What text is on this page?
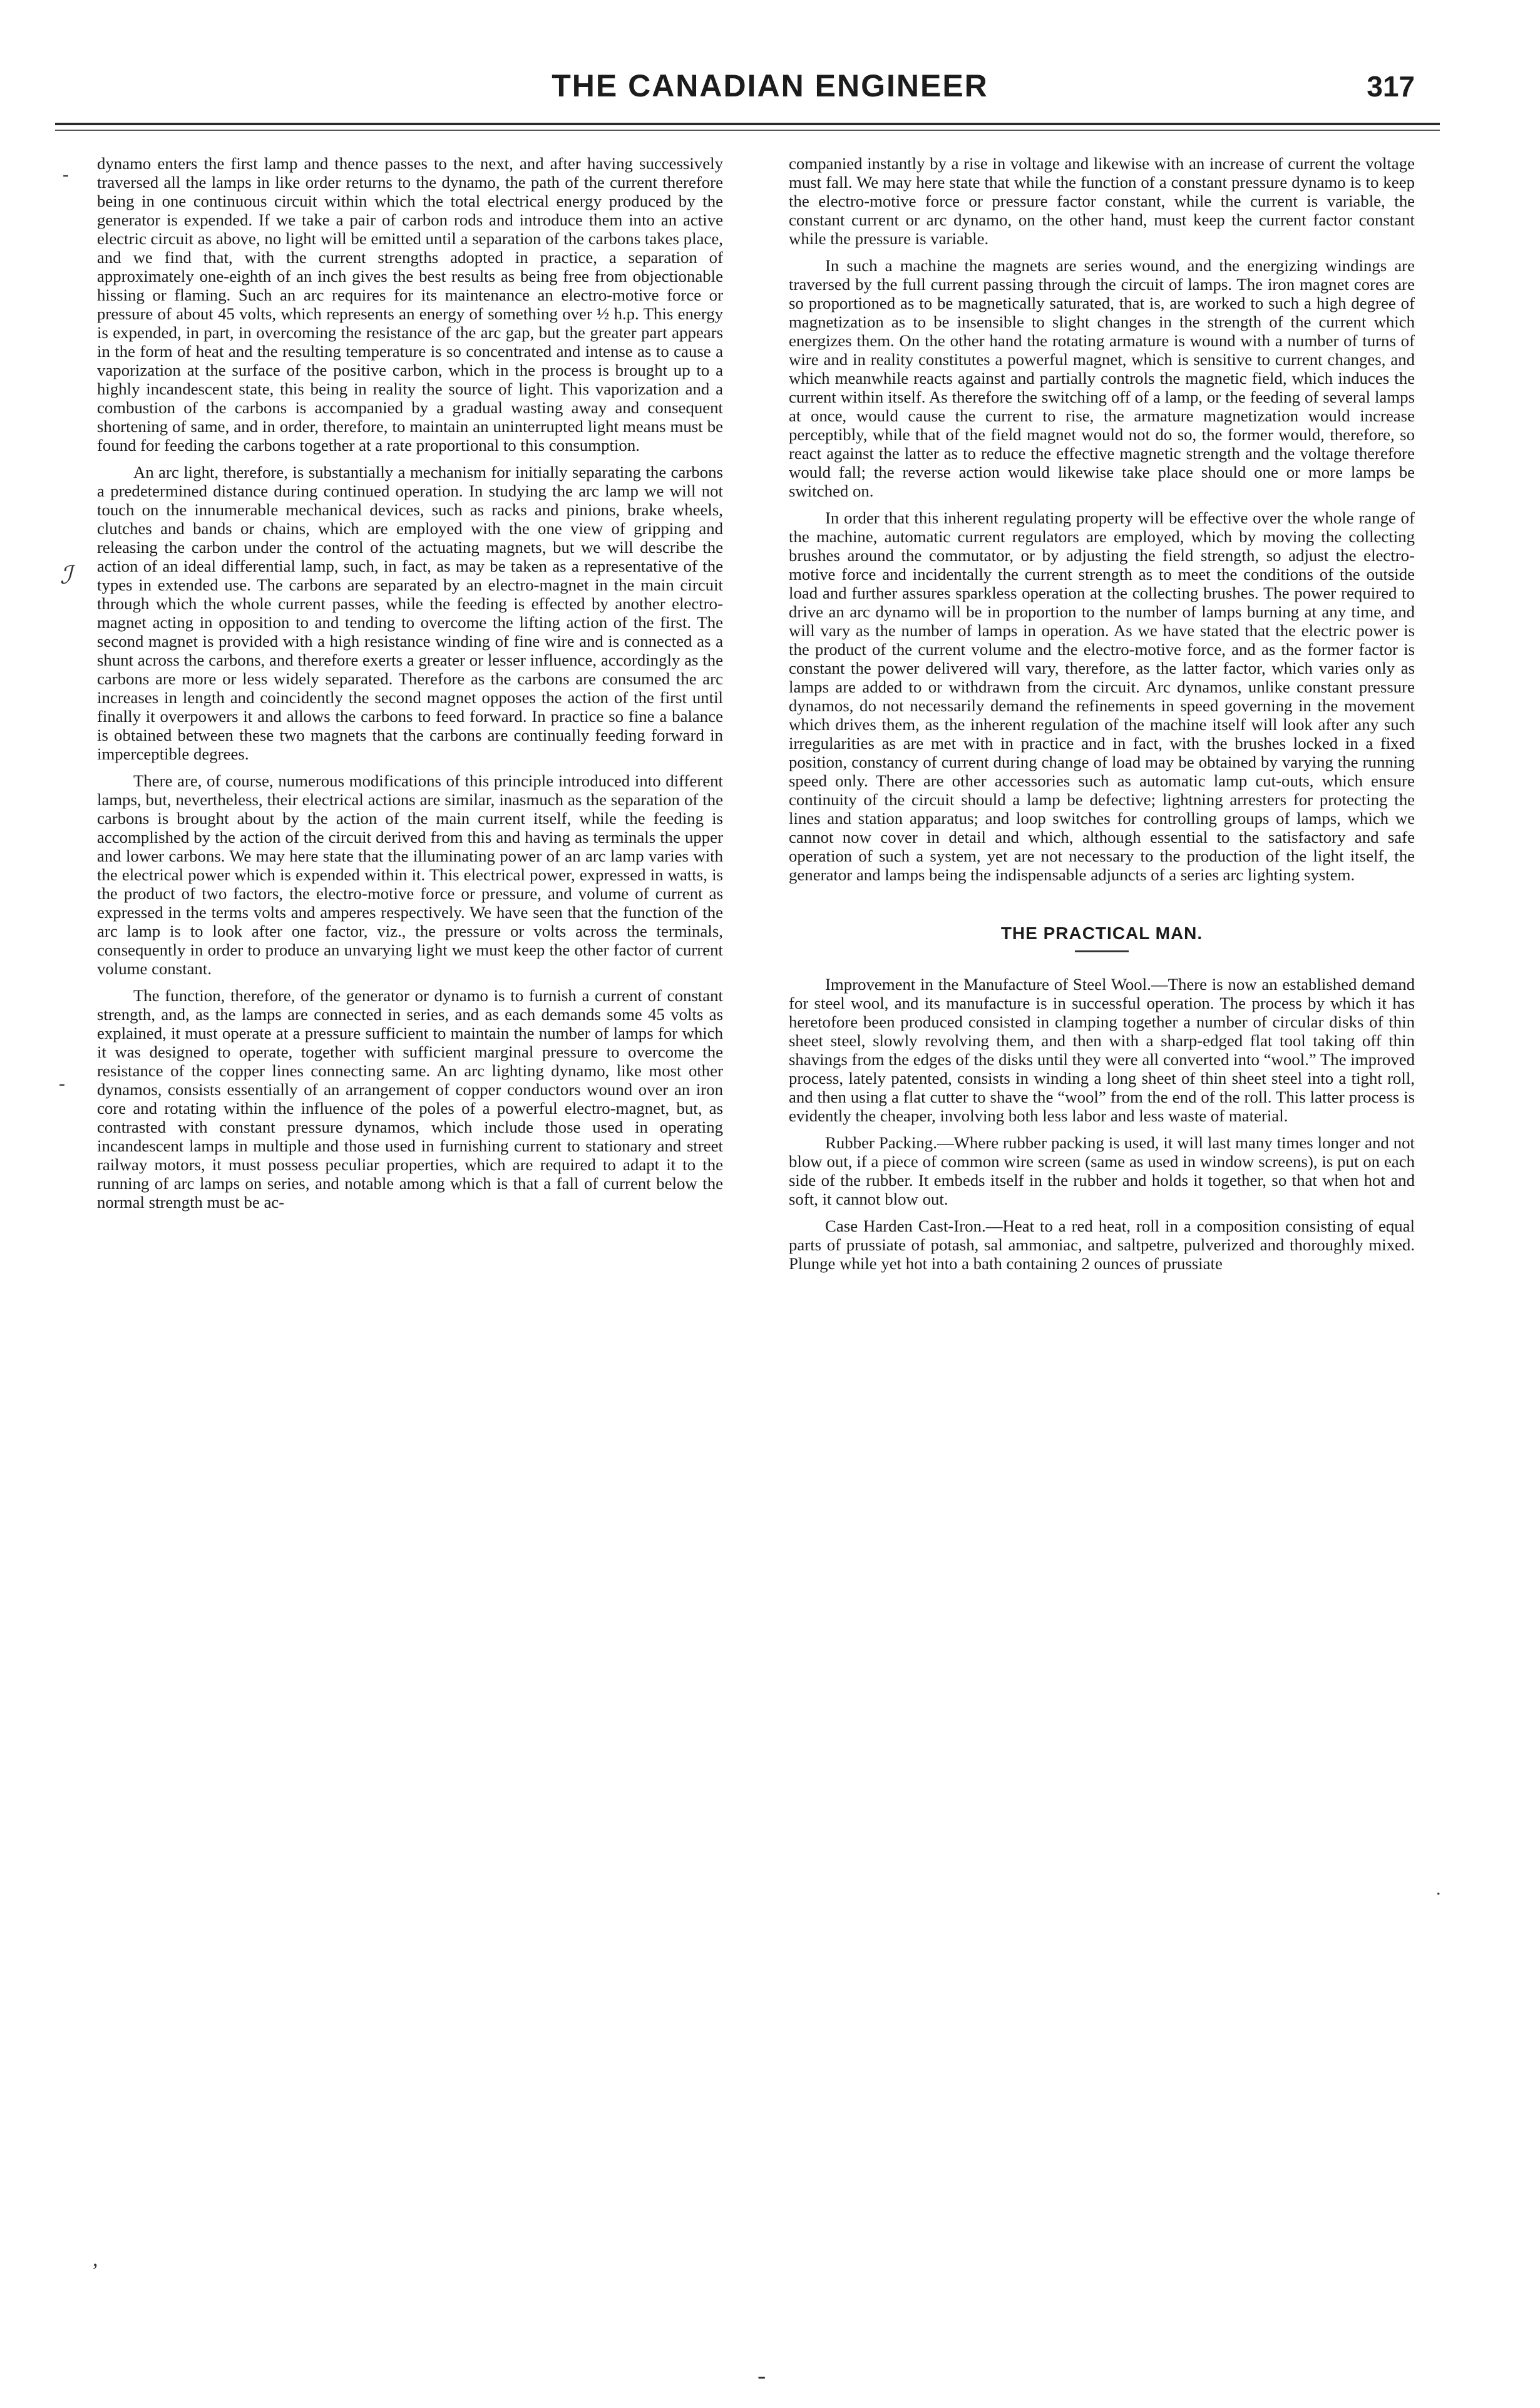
THE CANADIAN ENGINEER	317
-
ℐ
-
,
-
.

dynamo enters the first lamp and thence passes to the next, and after having successively traversed all the lamps in like order returns to the dynamo, the path of the current therefore being in one continuous circuit within which the total electrical energy produced by the generator is expended. If we take a pair of carbon rods and introduce them into an active electric circuit as above, no light will be emitted until a separation of the carbons takes place, and we find that, with the current strengths adopted in practice, a separation of approximately one-eighth of an inch gives the best results as being free from objectionable hissing or flaming. Such an arc requires for its maintenance an electro-motive force or pressure of about 45 volts, which represents an energy of something over ½ h.p. This energy is expended, in part, in overcoming the resistance of the arc gap, but the greater part appears in the form of heat and the resulting temperature is so concentrated and intense as to cause a vaporization at the surface of the positive carbon, which in the process is brought up to a highly incandescent state, this being in reality the source of light. This vaporization and a combustion of the carbons is accompanied by a gradual wasting away and consequent shortening of same, and in order, therefore, to maintain an uninterrupted light means must be found for feeding the carbons together at a rate proportional to this consumption.

An arc light, therefore, is substantially a mechanism for initially separating the carbons a predetermined distance during continued operation. In studying the arc lamp we will not touch on the innumerable mechanical devices, such as racks and pinions, brake wheels, clutches and bands or chains, which are employed with the one view of gripping and releasing the carbon under the control of the actuating magnets, but we will describe the action of an ideal differential lamp, such, in fact, as may be taken as a representative of the types in extended use. The carbons are separated by an electro-magnet in the main circuit through which the whole current passes, while the feeding is effected by another electro-magnet acting in opposition to and tending to overcome the lifting action of the first. The second magnet is provided with a high resistance winding of fine wire and is connected as a shunt across the carbons, and therefore exerts a greater or lesser influence, accordingly as the carbons are more or less widely separated. Therefore as the carbons are consumed the arc increases in length and coincidently the second magnet opposes the action of the first until finally it overpowers it and allows the carbons to feed forward. In practice so fine a balance is obtained between these two magnets that the carbons are continually feeding forward in imperceptible degrees.

There are, of course, numerous modifications of this principle introduced into different lamps, but, nevertheless, their electrical actions are similar, inasmuch as the separation of the carbons is brought about by the action of the main current itself, while the feeding is accomplished by the action of the circuit derived from this and having as terminals the upper and lower carbons. We may here state that the illuminating power of an arc lamp varies with the electrical power which is expended within it. This electrical power, expressed in watts, is the product of two factors, the electro-motive force or pressure, and volume of current as expressed in the terms volts and amperes respectively. We have seen that the function of the arc lamp is to look after one factor, viz., the pressure or volts across the terminals, consequently in order to produce an unvarying light we must keep the other factor of current volume constant.

The function, therefore, of the generator or dynamo is to furnish a current of constant strength, and, as the lamps are connected in series, and as each demands some 45 volts as explained, it must operate at a pressure sufficient to maintain the number of lamps for which it was designed to operate, together with sufficient marginal pressure to overcome the resistance of the copper lines connecting same. An arc lighting dynamo, like most other dynamos, consists essentially of an arrangement of copper conductors wound over an iron core and rotating within the influence of the poles of a powerful electro-magnet, but, as contrasted with constant pressure dynamos, which include those used in operating incandescent lamps in multiple and those used in furnishing current to stationary and street railway motors, it must possess peculiar properties, which are required to adapt it to the running of arc lamps on series, and notable among which is that a fall of current below the normal strength must be ac-

companied instantly by a rise in voltage and likewise with an increase of current the voltage must fall. We may here state that while the function of a constant pressure dynamo is to keep the electro-motive force or pressure factor constant, while the current is variable, the constant current or arc dynamo, on the other hand, must keep the current factor constant while the pressure is variable.

In such a machine the magnets are series wound, and the energizing windings are traversed by the full current passing through the circuit of lamps. The iron magnet cores are so proportioned as to be magnetically saturated, that is, are worked to such a high degree of magnetization as to be insensible to slight changes in the strength of the current which energizes them. On the other hand the rotating armature is wound with a number of turns of wire and in reality constitutes a powerful magnet, which is sensitive to current changes, and which meanwhile reacts against and partially controls the magnetic field, which induces the current within itself. As therefore the switching off of a lamp, or the feeding of several lamps at once, would cause the current to rise, the armature magnetization would increase perceptibly, while that of the field magnet would not do so, the former would, therefore, so react against the latter as to reduce the effective magnetic strength and the voltage therefore would fall; the reverse action would likewise take place should one or more lamps be switched on.

In order that this inherent regulating property will be effective over the whole range of the machine, automatic current regulators are employed, which by moving the collecting brushes around the commutator, or by adjusting the field strength, so adjust the electro-motive force and incidentally the current strength as to meet the conditions of the outside load and further assures sparkless operation at the collecting brushes. The power required to drive an arc dynamo will be in proportion to the number of lamps burning at any time, and will vary as the number of lamps in operation. As we have stated that the electric power is the product of the current volume and the electro-motive force, and as the former factor is constant the power delivered will vary, therefore, as the latter factor, which varies only as lamps are added to or withdrawn from the circuit. Arc dynamos, unlike constant pressure dynamos, do not necessarily demand the refinements in speed governing in the movement which drives them, as the inherent regulation of the machine itself will look after any such irregularities as are met with in practice and in fact, with the brushes locked in a fixed position, constancy of current during change of load may be obtained by varying the running speed only. There are other accessories such as automatic lamp cut-outs, which ensure continuity of the circuit should a lamp be defective; lightning arresters for protecting the lines and station apparatus; and loop switches for controlling groups of lamps, which we cannot now cover in detail and which, although essential to the satisfactory and safe operation of such a system, yet are not necessary to the production of the light itself, the generator and lamps being the indispensable adjuncts of a series arc lighting system.

THE PRACTICAL MAN.

Improvement in the Manufacture of Steel Wool.—There is now an established demand for steel wool, and its manufacture is in successful operation. The process by which it has heretofore been produced consisted in clamping together a number of circular disks of thin sheet steel, slowly revolving them, and then with a sharp-edged flat tool taking off thin shavings from the edges of the disks until they were all converted into “wool.” The improved process, lately patented, consists in winding a long sheet of thin sheet steel into a tight roll, and then using a flat cutter to shave the “wool” from the end of the roll. This latter process is evidently the cheaper, involving both less labor and less waste of material.

Rubber Packing.—Where rubber packing is used, it will last many times longer and not blow out, if a piece of common wire screen (same as used in window screens), is put on each side of the rubber. It embeds itself in the rubber and holds it together, so that when hot and soft, it cannot blow out.

Case Harden Cast-Iron.—Heat to a red heat, roll in a composition consisting of equal parts of prussiate of potash, sal ammoniac, and saltpetre, pulverized and thoroughly mixed. Plunge while yet hot into a bath containing 2 ounces of prussiate
